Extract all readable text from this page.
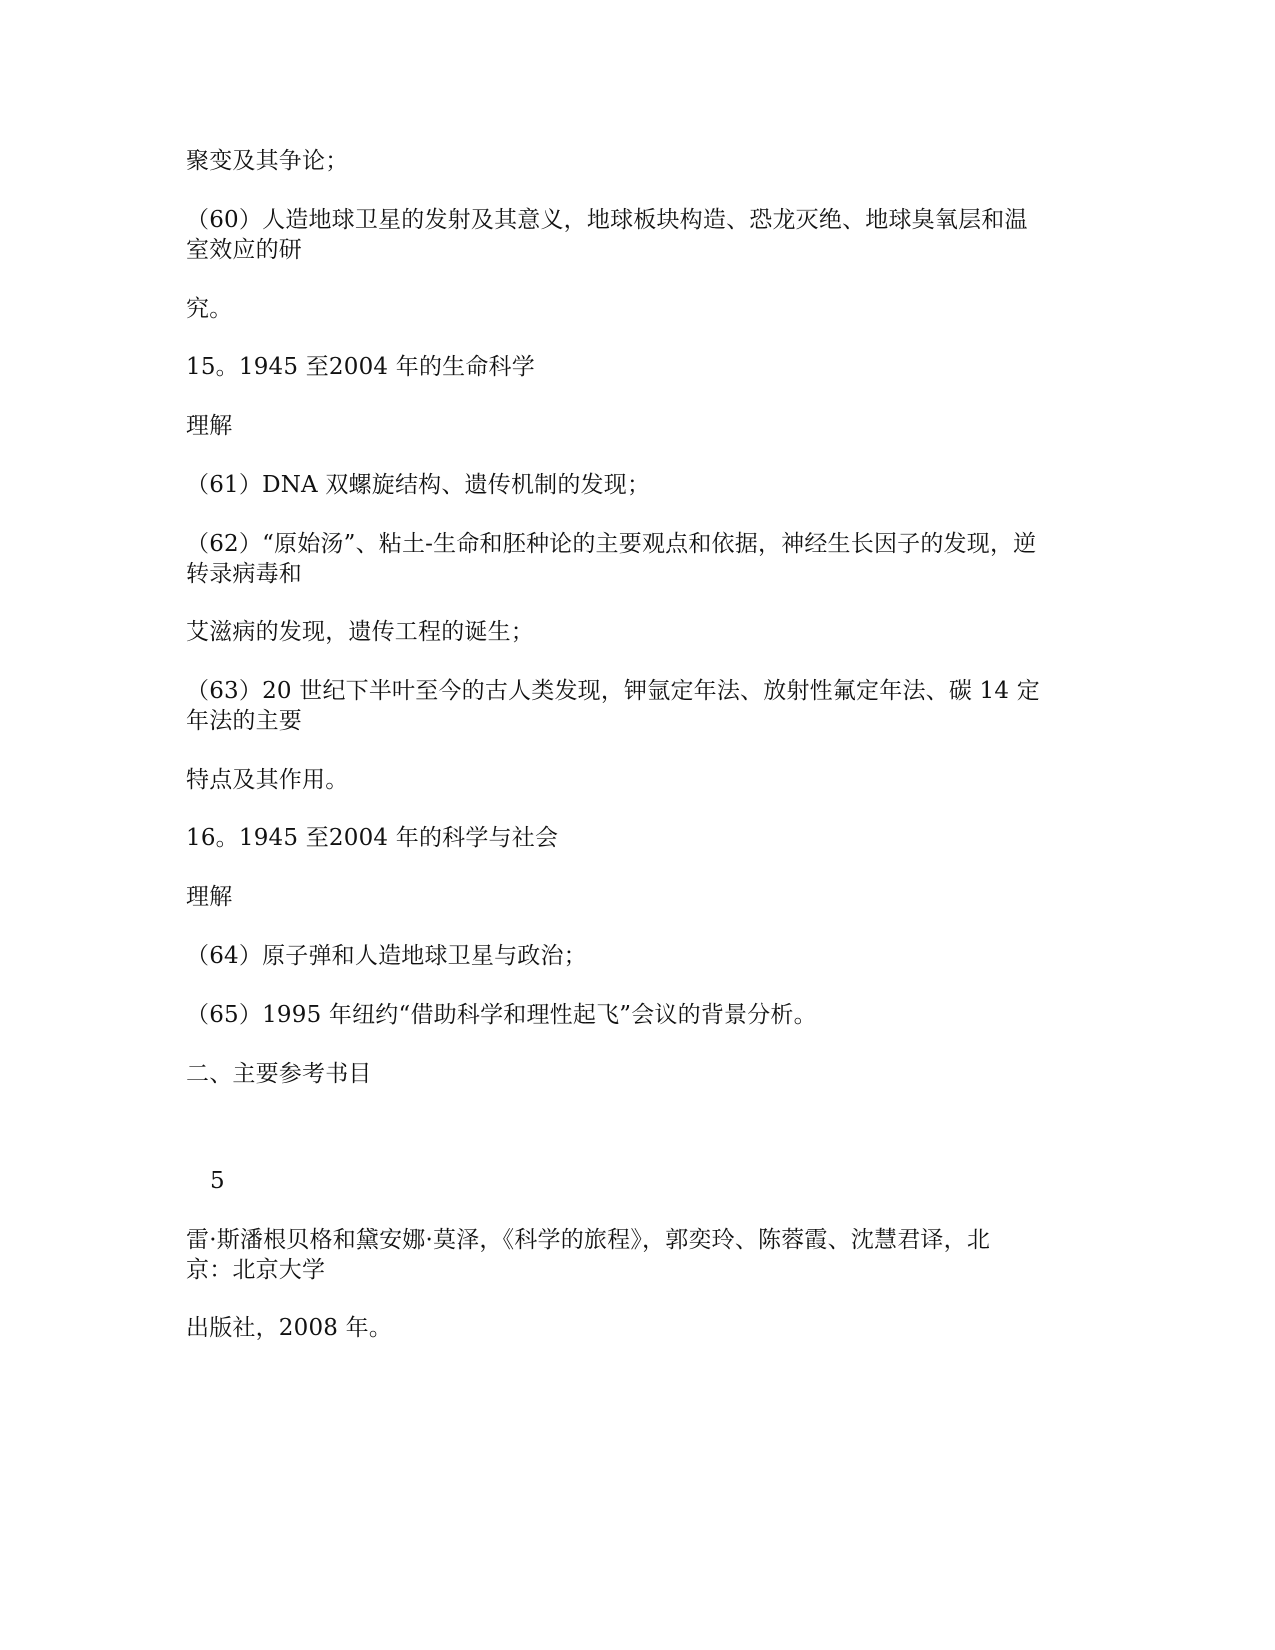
聚变及其争论；
（60）人造地球卫星的发射及其意义，地球板块构造、恐龙灭绝、地球臭氧层和温
室效应的研
究。
15。1945 至2004 年的生命科学
理解
（61）DNA 双螺旋结构、遗传机制的发现；
（62）“原始汤”、粘土-生命和胚种论的主要观点和依据，神经生长因子的发现，逆
转录病毒和
艾滋病的发现，遗传工程的诞生；
（63）20 世纪下半叶至今的古人类发现，钾氩定年法、放射性氟定年法、碳 14 定
年法的主要
特点及其作用。
16。1945 至2004 年的科学与社会
理解
（64）原子弹和人造地球卫星与政治；
（65）1995 年纽约“借助科学和理性起飞”会议的背景分析。
二、主要参考书目
5
雷·斯潘根贝格和黛安娜·莫泽，《科学的旅程》，郭奕玲、陈蓉霞、沈慧君译，北
京：北京大学
出版社，2008 年。
